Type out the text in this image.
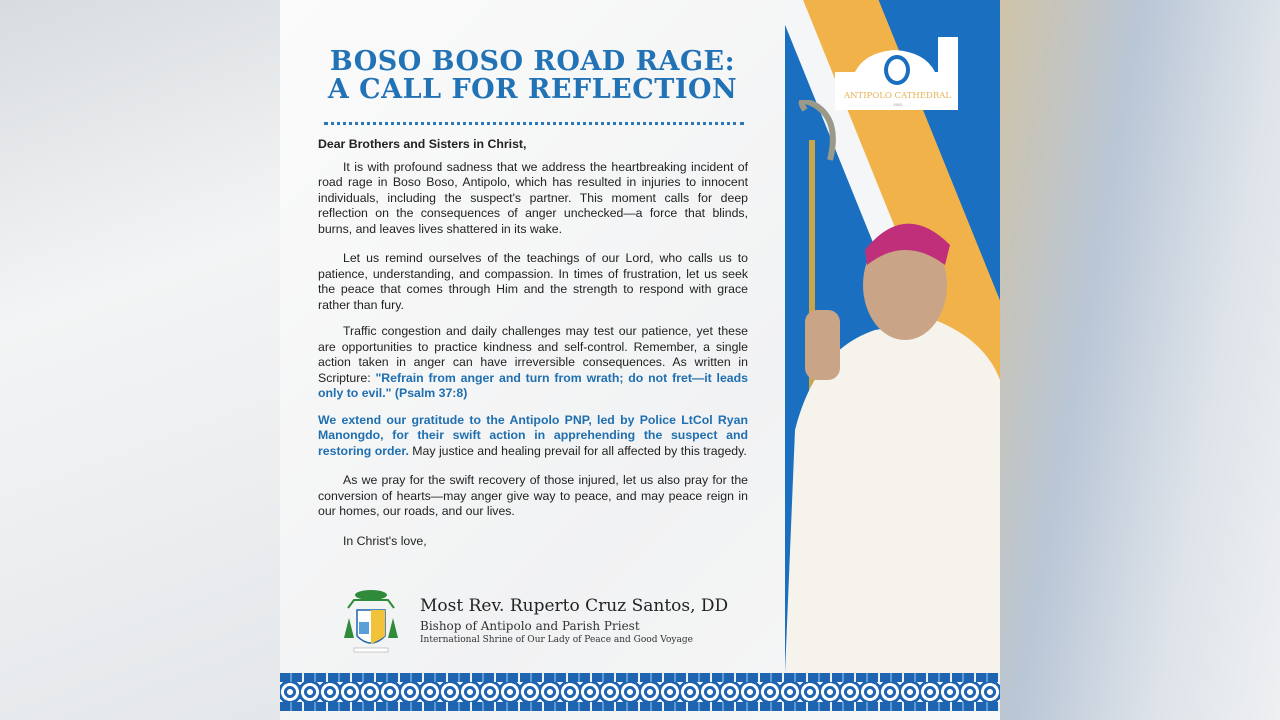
BOSO BOSO ROAD RAGE:
A CALL FOR REFLECTION

Dear Brothers and Sisters in Christ,

It is with profound sadness that we address the heartbreaking incident of road rage in Boso Boso, Antipolo, which has resulted in injuries to innocent individuals, including the suspect's partner. This moment calls for deep reflection on the consequences of anger unchecked—a force that blinds, burns, and leaves lives shattered in its wake.

Let us remind ourselves of the teachings of our Lord, who calls us to patience, understanding, and compassion. In times of frustration, let us seek the peace that comes through Him and the strength to respond with grace rather than fury.

Traffic congestion and daily challenges may test our patience, yet these are opportunities to practice kindness and self-control. Remember, a single action taken in anger can have irreversible consequences. As written in Scripture: "Refrain from anger and turn from wrath; do not fret—it leads only to evil." (Psalm 37:8)

We extend our gratitude to the Antipolo PNP, led by Police LtCol Ryan Manongdo, for their swift action in apprehending the suspect and restoring order. May justice and healing prevail for all affected by this tragedy.

As we pray for the swift recovery of those injured, let us also pray for the conversion of hearts—may anger give way to peace, and may peace reign in our homes, our roads, and our lives.

In Christ's love,

Most Rev. Ruperto Cruz Santos, DD
Bishop of Antipolo and Parish Priest
International Shrine of Our Lady of Peace and Good Voyage
ANTIPOLO CATHEDRAL
1983
